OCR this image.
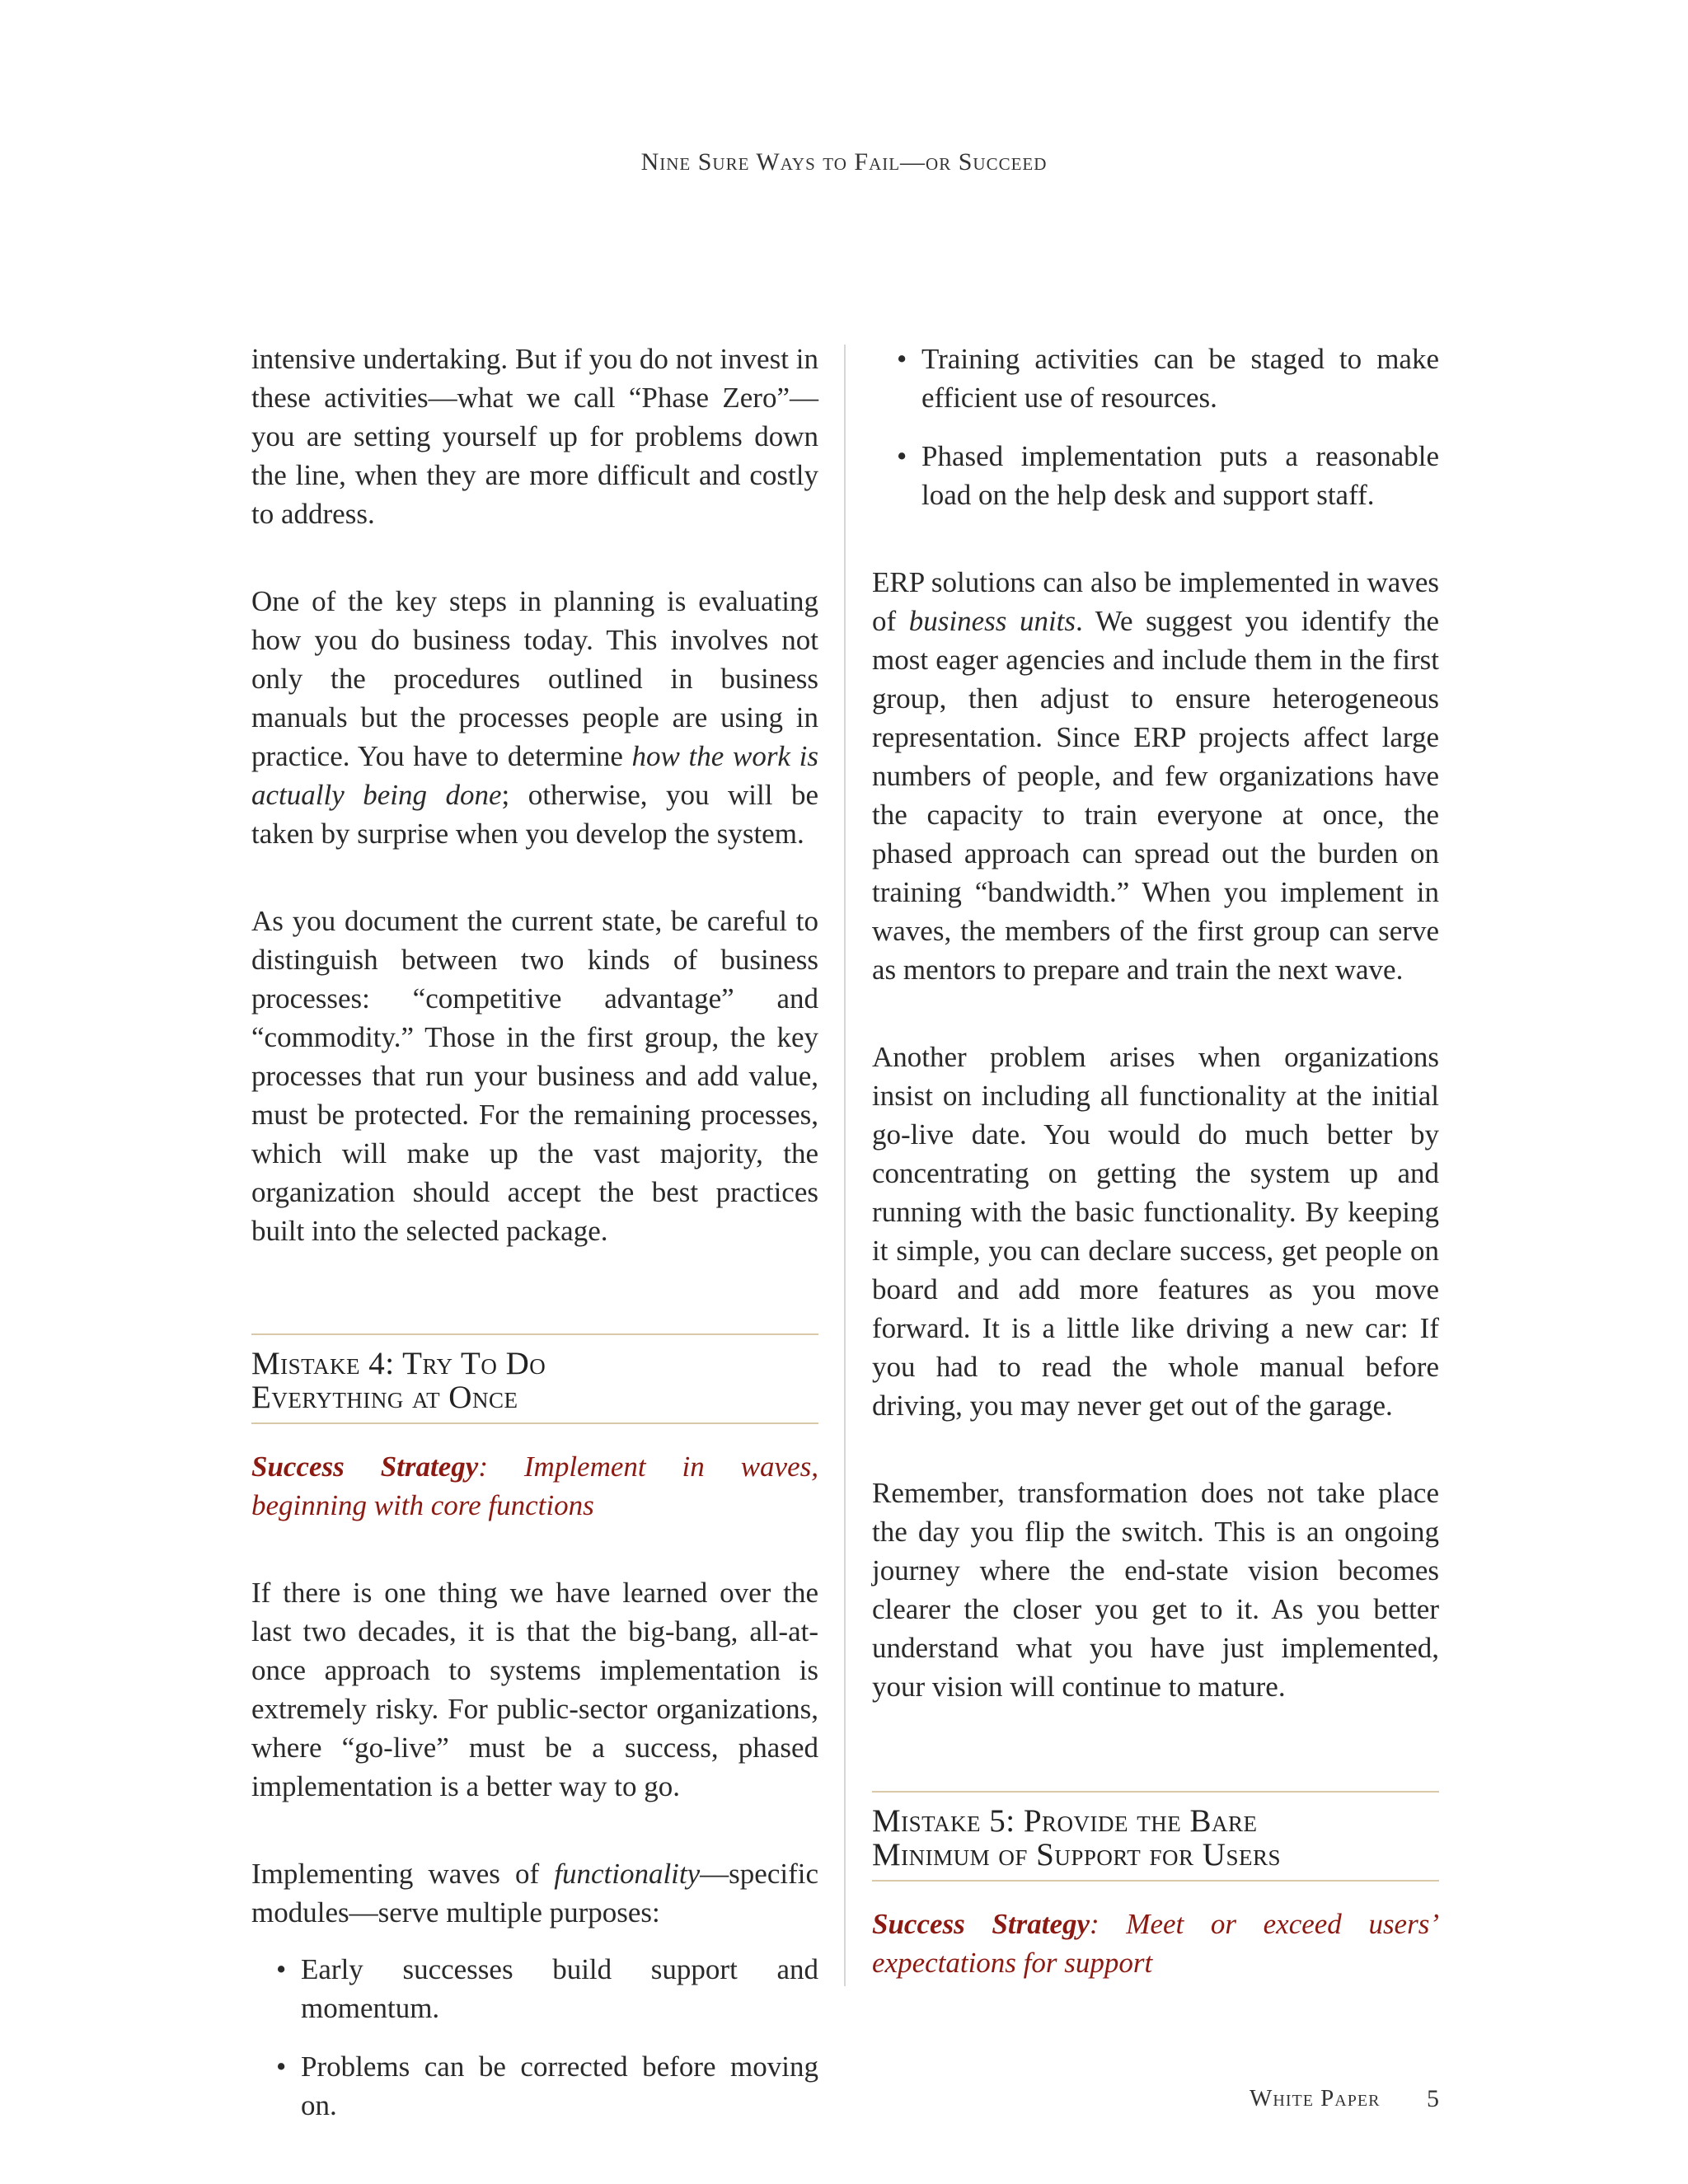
Nine Sure Ways to Fail—or Succeed

intensive undertaking. But if you do not invest in these activities—what we call “Phase Zero”—you are setting yourself up for problems down the line, when they are more difficult and costly to address.

One of the key steps in planning is evaluating how you do business today. This involves not only the procedures outlined in business manuals but the processes people are using in practice. You have to determine how the work is actually being done; otherwise, you will be taken by surprise when you develop the system.

As you document the current state, be careful to distinguish between two kinds of business processes: “competitive advantage” and “commodity.” Those in the first group, the key processes that run your business and add value, must be protected. For the remaining processes, which will make up the vast majority, the organization should accept the best practices built into the selected package.

Mistake 4: Try To Do
Everything at Once

Success Strategy: Implement in waves, beginning with core functions

If there is one thing we have learned over the last two decades, it is that the big-bang, all-at-once approach to systems implementation is extremely risky. For public-sector organizations, where “go-live” must be a success, phased implementation is a better way to go.

Implementing waves of functionality—specific modules—serve multiple purposes:

• Early successes build support and momentum.
• Problems can be corrected before moving on.
• Training activities can be staged to make efficient use of resources.
• Phased implementation puts a reasonable load on the help desk and support staff.

ERP solutions can also be implemented in waves of business units. We suggest you identify the most eager agencies and include them in the first group, then adjust to ensure heterogeneous representation. Since ERP projects affect large numbers of people, and few organizations have the capacity to train everyone at once, the phased approach can spread out the burden on training “bandwidth.” When you implement in waves, the members of the first group can serve as mentors to prepare and train the next wave.

Another problem arises when organizations insist on including all functionality at the initial go-live date. You would do much better by concentrating on getting the system up and running with the basic functionality. By keeping it simple, you can declare success, get people on board and add more features as you move forward. It is a little like driving a new car: If you had to read the whole manual before driving, you may never get out of the garage.

Remember, transformation does not take place the day you flip the switch. This is an ongoing journey where the end-state vision becomes clearer the closer you get to it. As you better understand what you have just implemented, your vision will continue to mature.

Mistake 5: Provide the Bare
Minimum of Support for Users

Success Strategy: Meet or exceed users’ expectations for support

White Paper 5
